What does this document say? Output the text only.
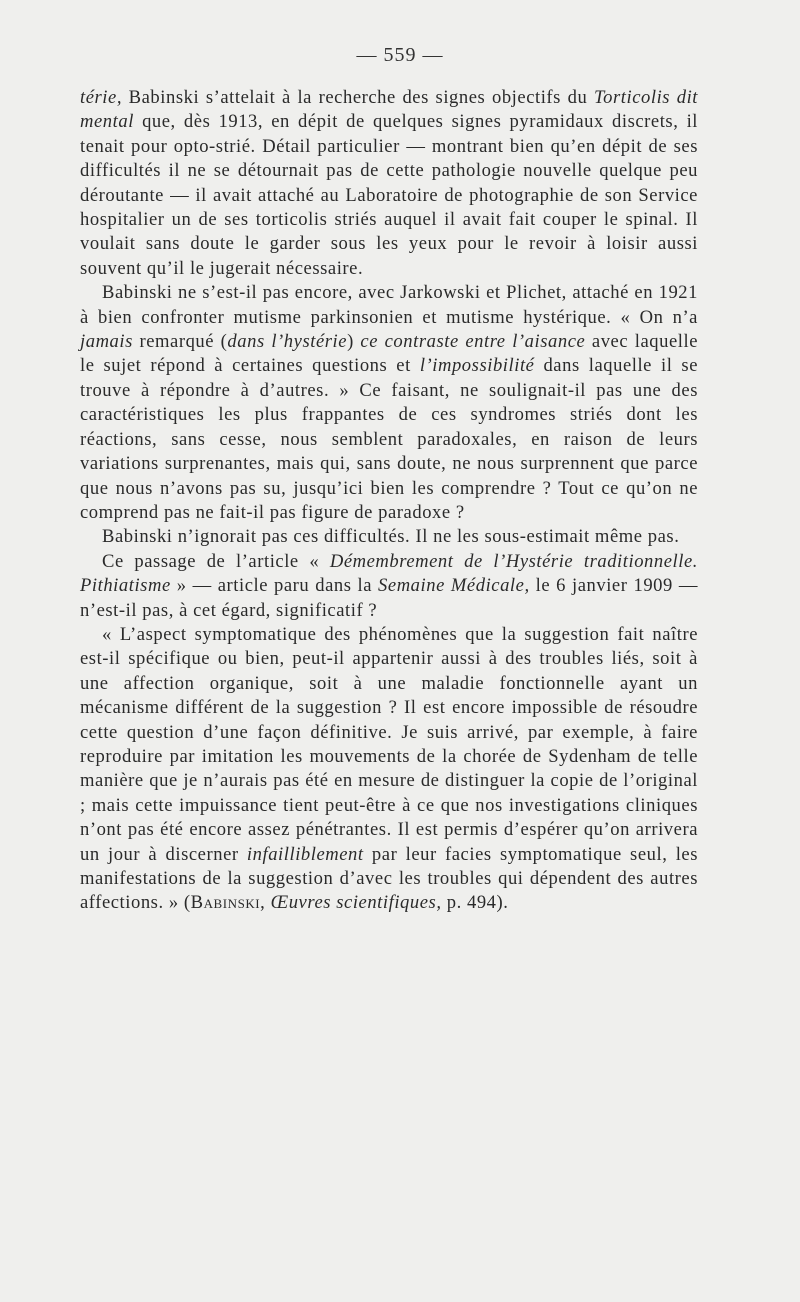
— 559 —

térie, Babinski s’attelait à la recherche des signes objectifs du Torticolis dit mental que, dès 1913, en dépit de quelques signes pyramidaux discrets, il tenait pour opto-strié. Détail particulier — montrant bien qu’en dépit de ses difficultés il ne se détournait pas de cette pathologie nouvelle quelque peu déroutante — il avait attaché au Laboratoire de photographie de son Service hospitalier un de ses torticolis striés auquel il avait fait couper le spinal. Il voulait sans doute le garder sous les yeux pour le revoir à loisir aussi souvent qu’il le jugerait nécessaire.

Babinski ne s’est-il pas encore, avec Jarkowski et Plichet, attaché en 1921 à bien confronter mutisme parkinsonien et mutisme hystérique. « On n’a jamais remarqué (dans l’hystérie) ce contraste entre l’aisance avec laquelle le sujet répond à certaines questions et l’impossibilité dans laquelle il se trouve à répondre à d’autres. » Ce faisant, ne soulignait-il pas une des caractéristiques les plus frappantes de ces syndromes striés dont les réactions, sans cesse, nous semblent paradoxales, en raison de leurs variations surprenantes, mais qui, sans doute, ne nous surprennent que parce que nous n’avons pas su, jusqu’ici bien les comprendre ? Tout ce qu’on ne comprend pas ne fait-il pas figure de paradoxe ?

Babinski n’ignorait pas ces difficultés. Il ne les sous-estimait même pas.

Ce passage de l’article « Démembrement de l’Hystérie traditionnelle. Pithiatisme » — article paru dans la Semaine Médicale, le 6 janvier 1909 — n’est-il pas, à cet égard, significatif ?

« L’aspect symptomatique des phénomènes que la suggestion fait naître est-il spécifique ou bien, peut-il appartenir aussi à des troubles liés, soit à une affection organique, soit à une maladie fonctionnelle ayant un mécanisme différent de la suggestion ? Il est encore impossible de résoudre cette question d’une façon définitive. Je suis arrivé, par exemple, à faire reproduire par imitation les mouvements de la chorée de Sydenham de telle manière que je n’aurais pas été en mesure de distinguer la copie de l’original ; mais cette impuissance tient peut-être à ce que nos investigations cliniques n’ont pas été encore assez pénétrantes. Il est permis d’espérer qu’on arrivera un jour à discerner infailliblement par leur facies symptomatique seul, les manifestations de la suggestion d’avec les troubles qui dépendent des autres affections. » (Babinski, Œuvres scientifiques, p. 494).
